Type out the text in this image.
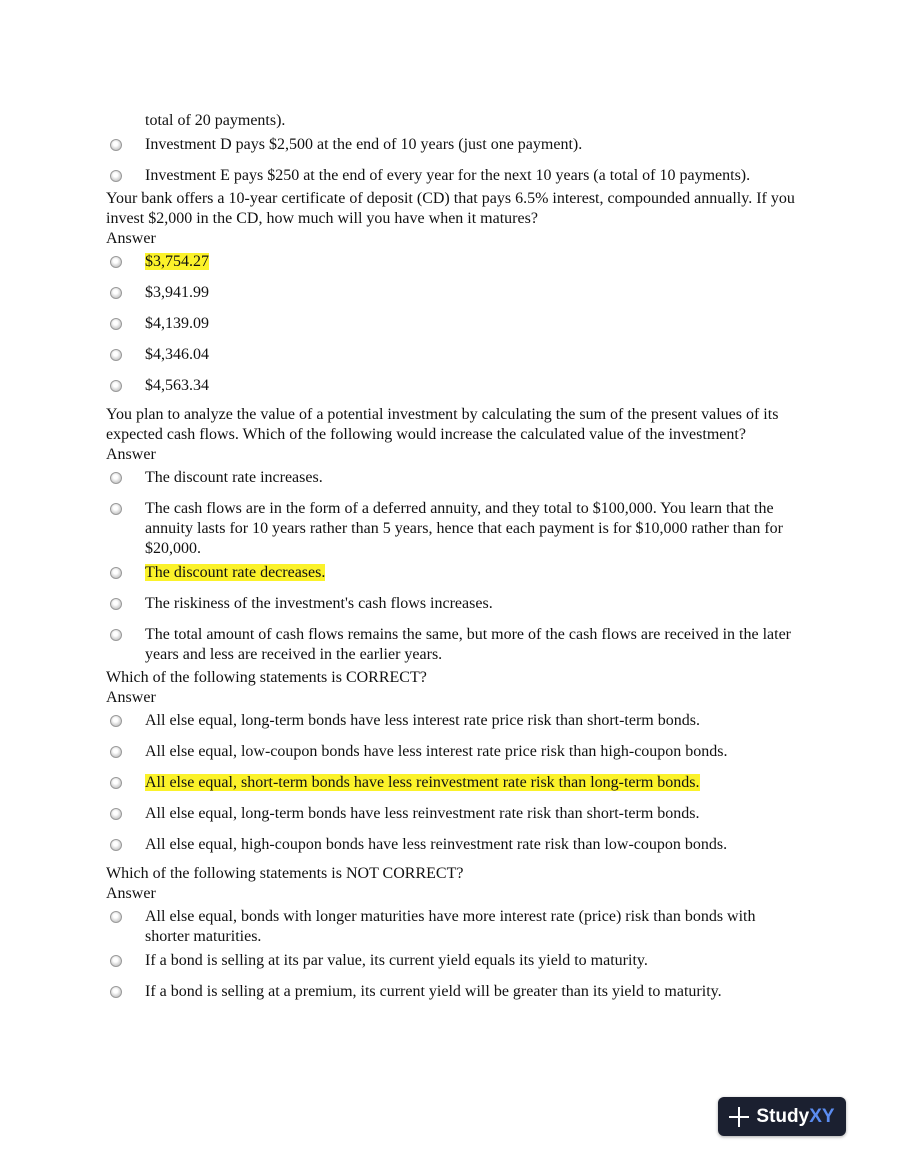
total of 20 payments).
Investment D pays $2,500 at the end of 10 years (just one payment).
Investment E pays $250 at the end of every year for the next 10 years (a total of 10 payments).

Your bank offers a 10-year certificate of deposit (CD) that pays 6.5% interest, compounded annually. If you invest $2,000 in the CD, how much will you have when it matures?

Answer

$3,754.27
$3,941.99
$4,139.09
$4,346.04
$4,563.34

You plan to analyze the value of a potential investment by calculating the sum of the present values of its expected cash flows. Which of the following would increase the calculated value of the investment?

Answer

The discount rate increases.
The cash flows are in the form of a deferred annuity, and they total to $100,000. You learn that the annuity lasts for 10 years rather than 5 years, hence that each payment is for $10,000 rather than for $20,000.
The discount rate decreases.
The riskiness of the investment's cash flows increases.
The total amount of cash flows remains the same, but more of the cash flows are received in the later years and less are received in the earlier years.

Which of the following statements is CORRECT?

Answer

All else equal, long-term bonds have less interest rate price risk than short-term bonds.
All else equal, low-coupon bonds have less interest rate price risk than high-coupon bonds.
All else equal, short-term bonds have less reinvestment rate risk than long-term bonds.
All else equal, long-term bonds have less reinvestment rate risk than short-term bonds.
All else equal, high-coupon bonds have less reinvestment rate risk than low-coupon bonds.

Which of the following statements is NOT CORRECT?

Answer

All else equal, bonds with longer maturities have more interest rate (price) risk than bonds with shorter maturities.
If a bond is selling at its par value, its current yield equals its yield to maturity.
If a bond is selling at a premium, its current yield will be greater than its yield to maturity.
Study XY
